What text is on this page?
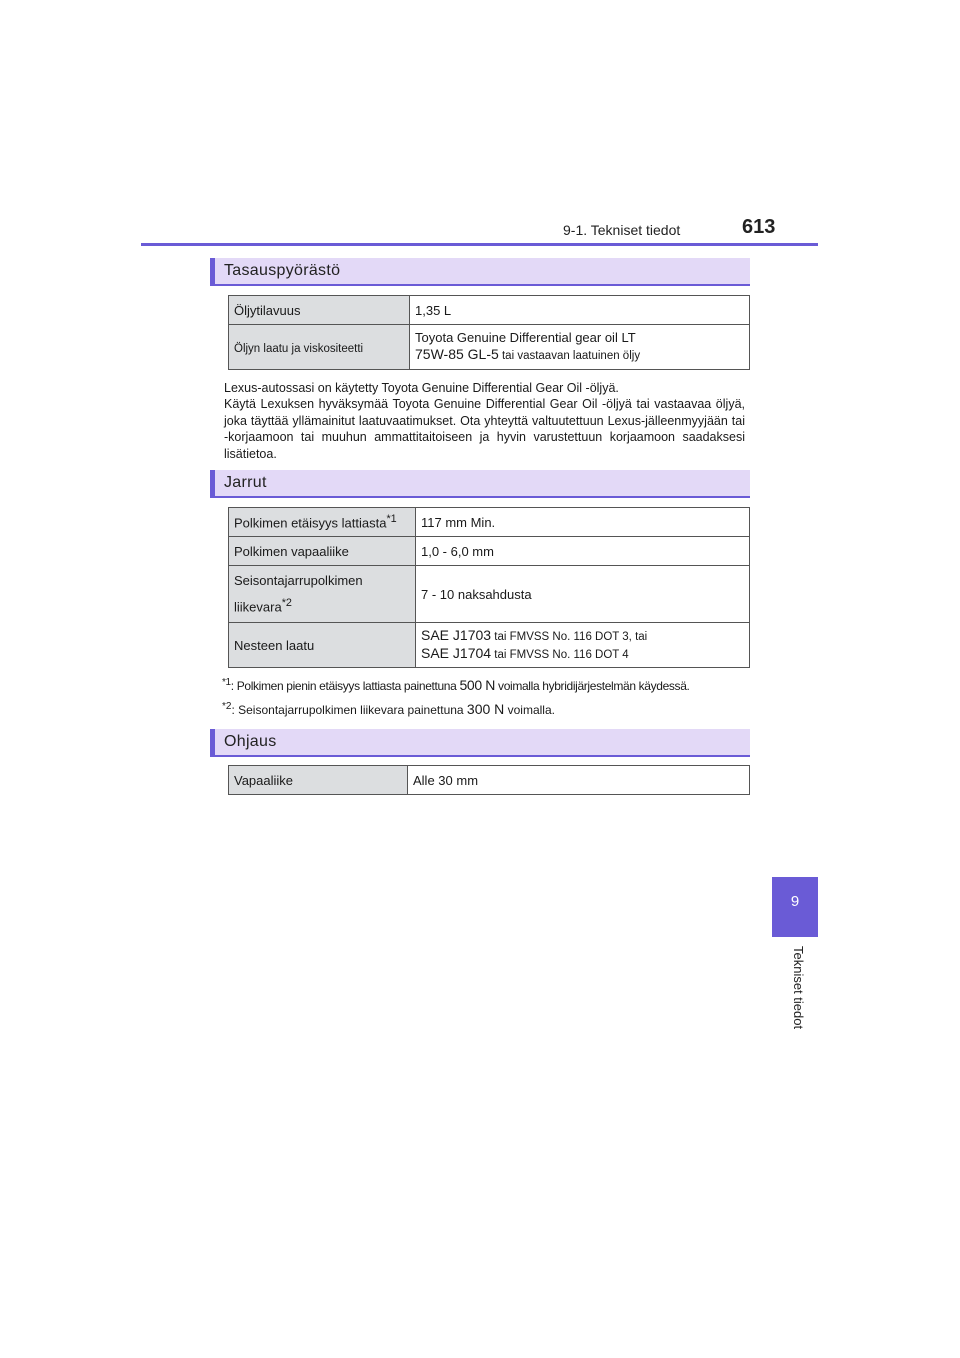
9-1. Tekniset tiedot	613
9
Tekniset tiedot
Tasauspyörästö
Öljytilavuus	1,35 L
Öljyn laatu ja viskositeetti	Toyota Genuine Differential gear oil LT
75W-85 GL-5 tai vastaavan laatuinen öljy

Lexus-autossasi on käytetty Toyota Genuine Differential Gear Oil -öljyä.

Käytä Lexuksen hyväksymää Toyota Genuine Differential Gear Oil -öljyä tai vastaavaa öljyä, joka täyttää yllämainitut laatuvaatimukset. Ota yhteyttä valtuutettuun Lexus-jälleenmyyjään tai -korjaamoon tai muuhun ammattitaitoiseen ja hyvin varustettuun korjaamoon saadaksesi lisätietoa.

Jarrut
Polkimen etäisyys lattiasta$^{*1}$	117 mm Min.
Polkimen vapaaliike	1,0 - 6,0 mm
Seisontajarrupolkimen
liikevara$^{*2}$	7 - 10 naksahdusta
Nesteen laatu	SAE J1703 tai FMVSS No. 116 DOT 3, tai
SAE J1704 tai FMVSS No. 116 DOT 4
$^{*1}$: Polkimen pienin etäisyys lattiasta painettuna 500 N voimalla hybridijärjestelmän käydessä.
$^{*2}$: Seisontajarrupolkimen liikevara painettuna 300 N voimalla.
Ohjaus
Vapaaliike	Alle 30 mm
